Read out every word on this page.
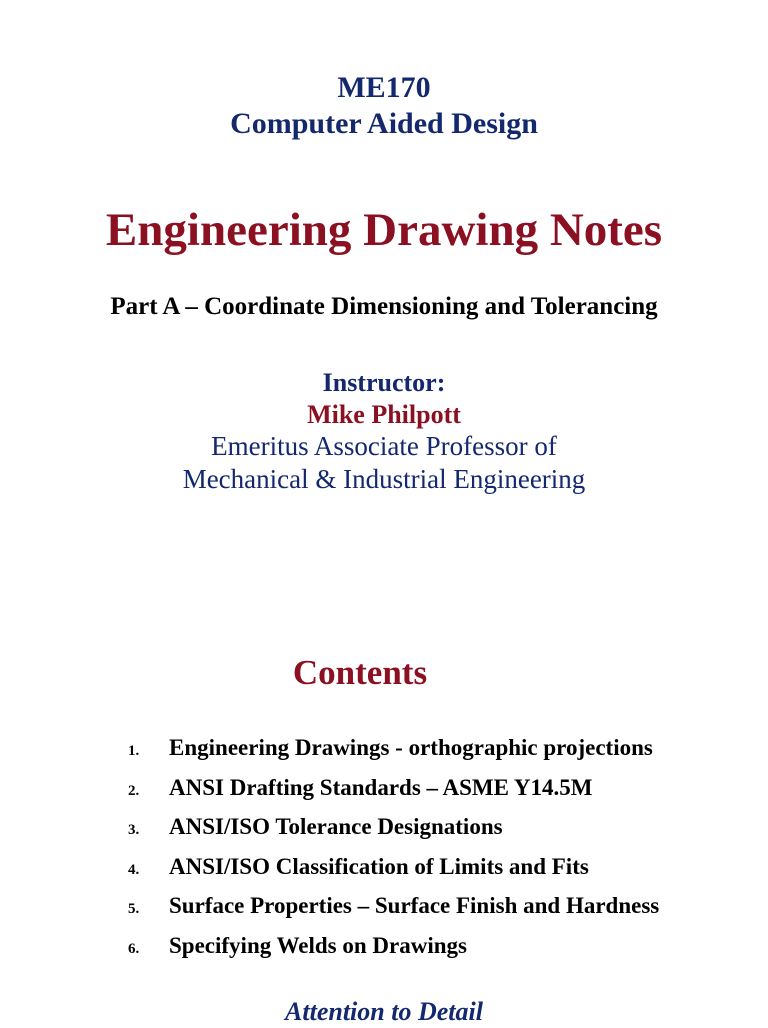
ME170
Computer Aided Design
Engineering Drawing Notes
Part A – Coordinate Dimensioning and Tolerancing
Instructor:
Mike Philpott
Emeritus Associate Professor of
Mechanical & Industrial Engineering
Contents
1.	Engineering Drawings - orthographic projections
2.	ANSI Drafting Standards – ASME Y14.5M
3.	ANSI/ISO Tolerance Designations
4.	ANSI/ISO Classification of Limits and Fits
5.	Surface Properties – Surface Finish and Hardness
6.	Specifying Welds on Drawings
Attention to Detail
